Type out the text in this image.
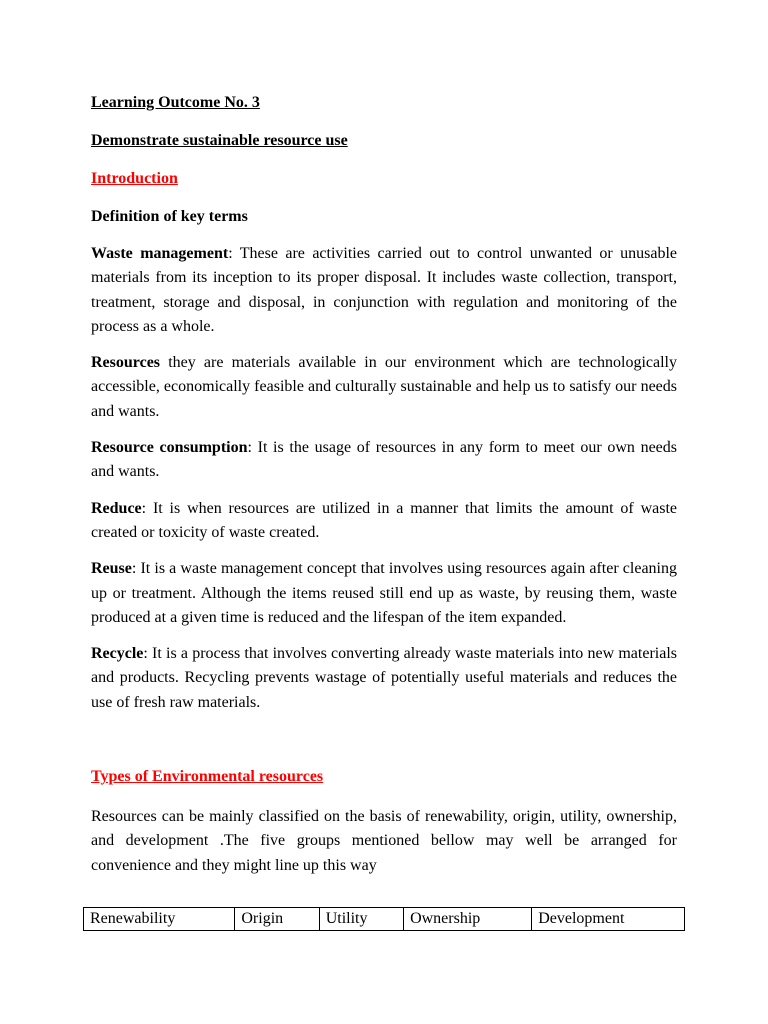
Learning Outcome No. 3
Demonstrate sustainable resource use
Introduction
Definition of key terms

Waste management: These are activities carried out to control unwanted or unusable materials from its inception to its proper disposal. It includes waste collection, transport, treatment, storage and disposal, in conjunction with regulation and monitoring of the process as a whole.

Resources they are materials available in our environment which are technologically accessible, economically feasible and culturally sustainable and help us to satisfy our needs and wants.

Resource consumption: It is the usage of resources in any form to meet our own needs and wants.

Reduce: It is when resources are utilized in a manner that limits the amount of waste created or toxicity of waste created.

Reuse: It is a waste management concept that involves using resources again after cleaning up or treatment. Although the items reused still end up as waste, by reusing them, waste produced at a given time is reduced and the lifespan of the item expanded.

Recycle: It is a process that involves converting already waste materials into new materials and products. Recycling prevents wastage of potentially useful materials and reduces the use of fresh raw materials.

Types of Environmental resources

Resources can be mainly classified on the basis of renewability, origin, utility, ownership, and development .The five groups mentioned bellow may well be arranged for convenience and they might line up this way

Renewability	Origin	Utility	Ownership	Development
